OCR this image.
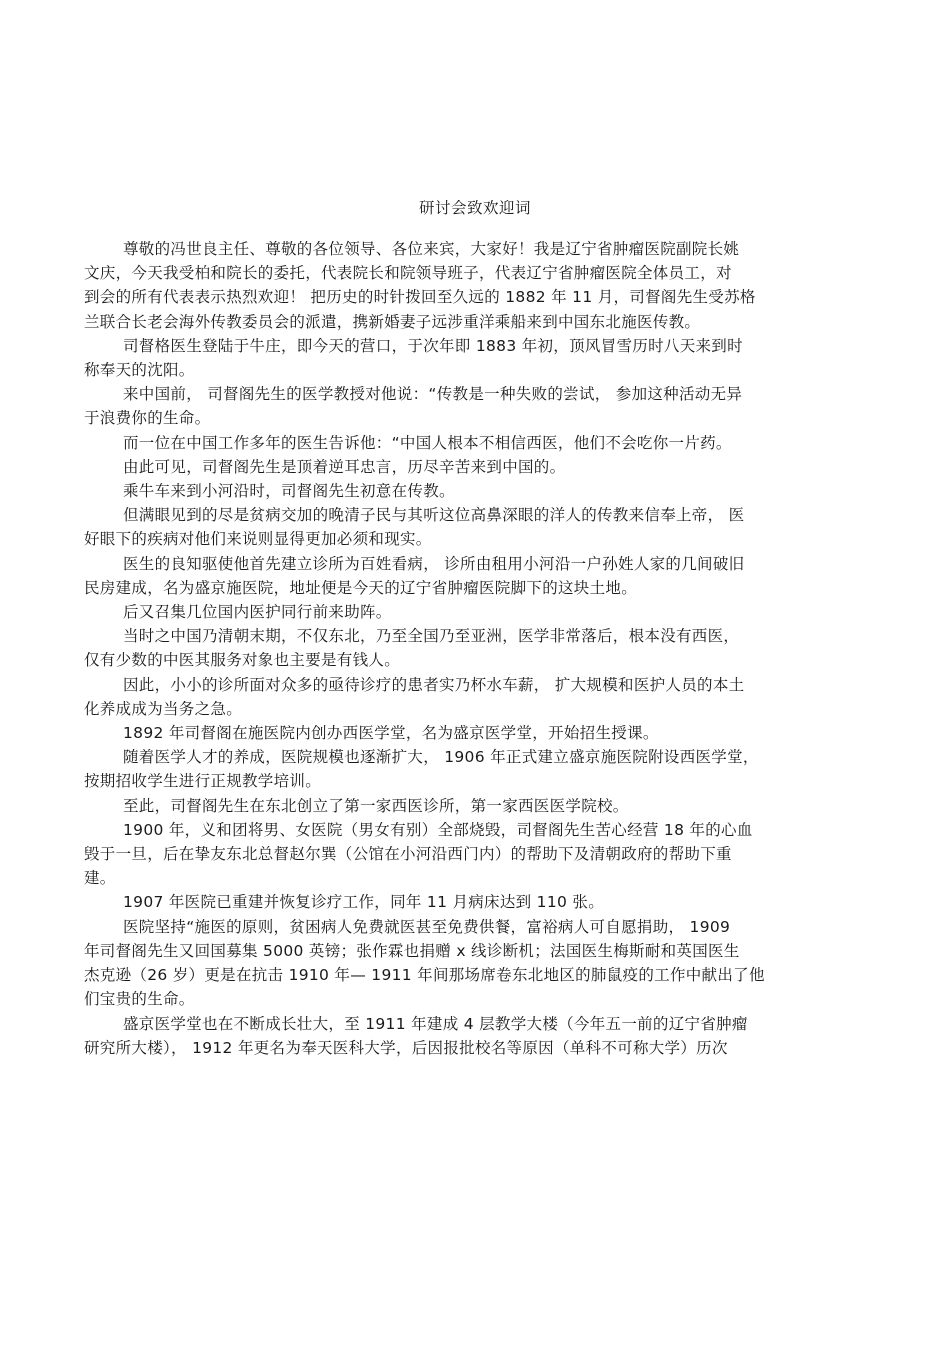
研讨会致欢迎词

尊敬的冯世良主任、尊敬的各位领导、各位来宾，大家好！我是辽宁省肿瘤医院副院长姚
文庆，今天我受柏和院长的委托，代表院长和院领导班子，代表辽宁省肿瘤医院全体员工，对
到会的所有代表表示热烈欢迎！ 把历史的时针拨回至久远的 1882 年 11 月，司督阁先生受苏格
兰联合长老会海外传教委员会的派遣，携新婚妻子远涉重洋乘船来到中国东北施医传教。

司督格医生登陆于牛庄，即今天的营口，于次年即 1883 年初，顶风冒雪历时八天来到时
称奉天的沈阳。

来中国前， 司督阁先生的医学教授对他说：“传教是一种失败的尝试， 参加这种活动无异
于浪费你的生命。

而一位在中国工作多年的医生告诉他：“中国人根本不相信西医，他们不会吃你一片药。

由此可见，司督阁先生是顶着逆耳忠言，历尽辛苦来到中国的。

乘牛车来到小河沿时，司督阁先生初意在传教。

但满眼见到的尽是贫病交加的晚清子民与其听这位高鼻深眼的洋人的传教来信奉上帝， 医
好眼下的疾病对他们来说则显得更加必须和现实。

医生的良知驱使他首先建立诊所为百姓看病， 诊所由租用小河沿一户孙姓人家的几间破旧
民房建成，名为盛京施医院，地址便是今天的辽宁省肿瘤医院脚下的这块土地。

后又召集几位国内医护同行前来助阵。

当时之中国乃清朝末期，不仅东北，乃至全国乃至亚洲，医学非常落后，根本没有西医，
仅有少数的中医其服务对象也主要是有钱人。

因此，小小的诊所面对众多的亟待诊疗的患者实乃杯水车薪， 扩大规模和医护人员的本土
化养成成为当务之急。

1892 年司督阁在施医院内创办西医学堂，名为盛京医学堂，开始招生授课。

随着医学人才的养成，医院规模也逐渐扩大， 1906 年正式建立盛京施医院附设西医学堂，
按期招收学生进行正规教学培训。

至此，司督阁先生在东北创立了第一家西医诊所，第一家西医医学院校。

1900 年，义和团将男、女医院（男女有别）全部烧毁，司督阁先生苦心经营 18 年的心血
毁于一旦，后在挚友东北总督赵尔巽（公馆在小河沿西门内）的帮助下及清朝政府的帮助下重
建。

1907 年医院已重建并恢复诊疗工作，同年 11 月病床达到 110 张。

医院坚持“施医的原则，贫困病人免费就医甚至免费供餐，富裕病人可自愿捐助， 1909
年司督阁先生又回国募集 5000 英镑；张作霖也捐赠 x 线诊断机；法国医生梅斯耐和英国医生
杰克逊（26 岁）更是在抗击 1910 年— 1911 年间那场席卷东北地区的肺鼠疫的工作中献出了他
们宝贵的生命。

盛京医学堂也在不断成长壮大，至 1911 年建成 4 层教学大楼（今年五一前的辽宁省肿瘤
研究所大楼）， 1912 年更名为奉天医科大学，后因报批校名等原因（单科不可称大学）历次
